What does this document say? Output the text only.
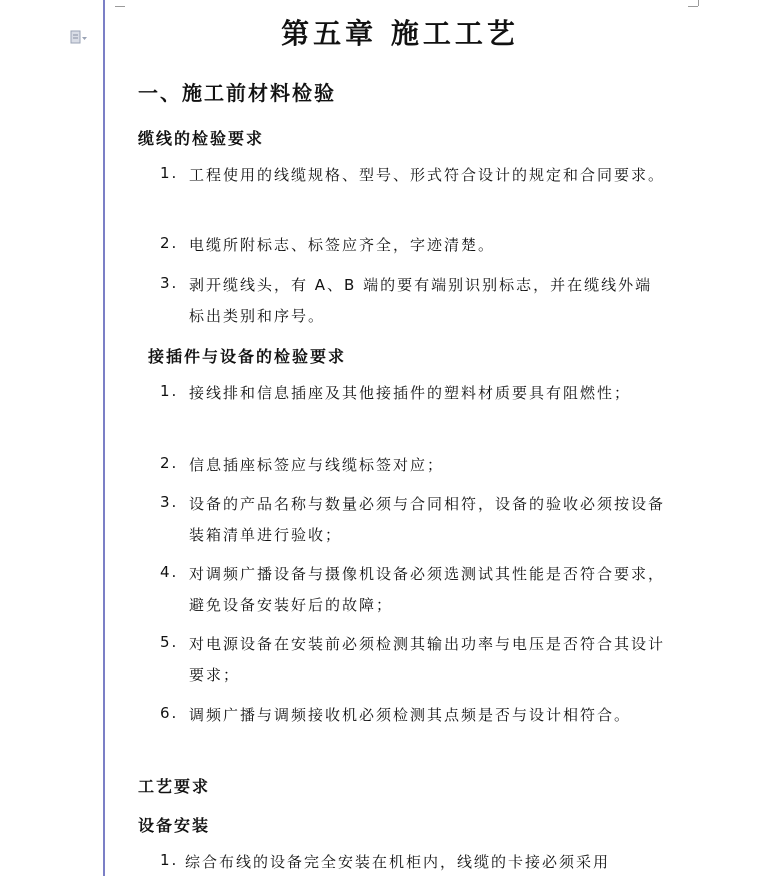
第五章 施工工艺
一、施工前材料检验
缆线的检验要求
1. 工程使用的线缆规格、型号、形式符合设计的规定和合同要求。
2. 电缆所附标志、标签应齐全，字迹清楚。
3. 剥开缆线头，有 A、B 端的要有端别识别标志，并在缆线外端标出类别和序号。
接插件与设备的检验要求
1. 接线排和信息插座及其他接插件的塑料材质要具有阻燃性；
2. 信息插座标签应与线缆标签对应；
3. 设备的产品名称与数量必须与合同相符，设备的验收必须按设备装箱清单进行验收；
4. 对调频广播设备与摄像机设备必须选测试其性能是否符合要求，避免设备安装好后的故障；
5. 对电源设备在安装前必须检测其输出功率与电压是否符合其设计要求；
6. 调频广播与调频接收机必须检测其点频是否与设计相符合。
工艺要求
设备安装
1. 综合布线的设备完全安装在机柜内，线缆的卡接必须采用
